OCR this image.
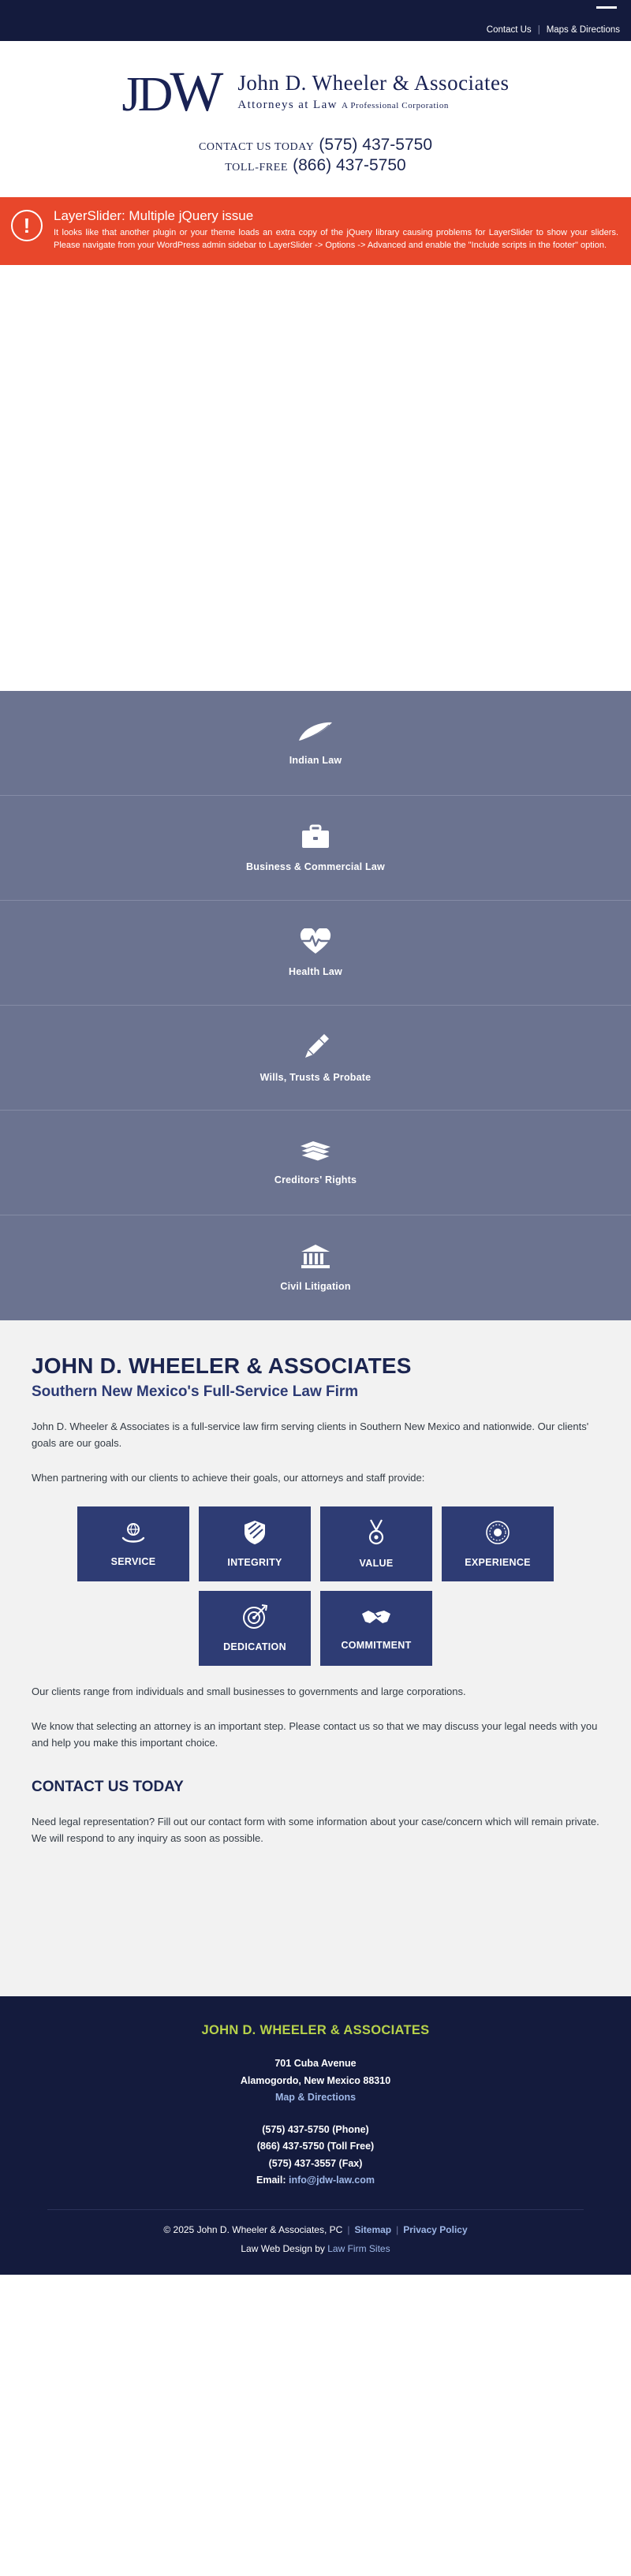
Contact Us | Maps & Directions
JDW John D. Wheeler & Associates
Attorneys at Law A Professional Corporation
CONTACT US TODAY (575) 437-5750
TOLL-FREE (866) 437-5750
! LayerSlider: Multiple jQuery issue
It looks like that another plugin or your theme loads an extra copy of the jQuery library causing problems for LayerSlider to show your sliders. Please navigate from your WordPress admin sidebar to LayerSlider -> Options -> Advanced and enable the "Include scripts in the footer" option.
Indian Law
Business & Commercial Law
Health Law
Wills, Trusts & Probate
Creditors' Rights
Civil Litigation
JOHN D. WHEELER & ASSOCIATES
Southern New Mexico's Full-Service Law Firm

John D. Wheeler & Associates is a full-service law firm serving clients in Southern New Mexico and nationwide. Our clients' goals are our goals.

When partnering with our clients to achieve their goals, our attorneys and staff provide:

SERVICE	INTEGRITY	VALUE	EXPERIENCE
DEDICATION	COMMITMENT

Our clients range from individuals and small businesses to governments and large corporations.

We know that selecting an attorney is an important step. Please contact us so that we may discuss your legal needs with you and help you make this important choice.

CONTACT US TODAY

Need legal representation? Fill out our contact form with some information about your case/concern which will remain private. We will respond to any inquiry as soon as possible.

JOHN D. WHEELER & ASSOCIATES
701 Cuba Avenue
Alamogordo, New Mexico 88310
Map & Directions
(575) 437-5750 (Phone)
(866) 437-5750 (Toll Free)
(575) 437-3557 (Fax)
Email: info@jdw-law.com
© 2025 John D. Wheeler & Associates, PC | Sitemap | Privacy Policy
Law Web Design by Law Firm Sites
